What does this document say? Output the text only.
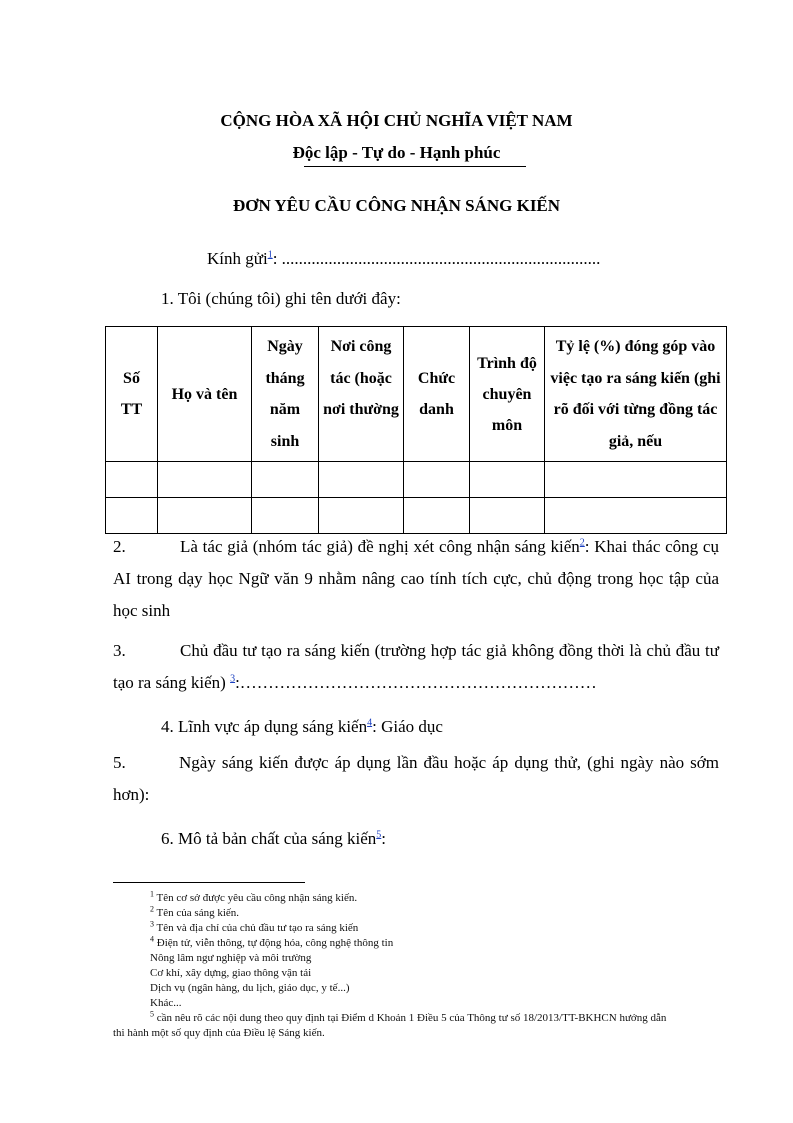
CỘNG HÒA XÃ HỘI CHỦ NGHĨA VIỆT NAM
Độc lập - Tự do - Hạnh phúc
ĐƠN YÊU CẦU CÔNG NHẬN SÁNG KIẾN
Kính gửi$^1$: ...........................................................................
1. Tôi (chúng tôi) ghi tên dưới đây:
Số TT	Họ và tên	Ngày tháng năm sinh	Nơi công tác (hoặc nơi thường	Chức danh	Trình độ chuyên môn	Tỷ lệ (%) đóng góp vào việc tạo ra sáng kiến (ghi rõ đối với từng đồng tác giả, nếu

2.	Là tác giả (nhóm tác giả) đề nghị xét công nhận sáng kiến$^2$: Khai thác công cụ AI trong dạy học Ngữ văn 9 nhằm nâng cao tính tích cực, chủ động trong học tập của học sinh
3.	Chủ đầu tư tạo ra sáng kiến (trường hợp tác giả không đồng thời là chủ đầu tư tạo ra sáng kiến) $^3$:………………………………………………………
4. Lĩnh vực áp dụng sáng kiến$^4$: Giáo dục
5.	Ngày sáng kiến được áp dụng lần đầu hoặc áp dụng thử, (ghi ngày nào sớm hơn):
6. Mô tả bản chất của sáng kiến$^5$:
$^1$ Tên cơ sở được yêu cầu công nhận sáng kiến.
$^2$ Tên của sáng kiến.
$^3$ Tên và địa chỉ của chủ đầu tư tạo ra sáng kiến
$^4$ Điện tử, viễn thông, tự động hóa, công nghệ thông tin
Nông lâm ngư nghiệp và môi trường
Cơ khí, xây dựng, giao thông vận tải
Dịch vụ (ngân hàng, du lịch, giáo dục, y tế...)
Khác...
$^5$ cần nêu rõ các nội dung theo quy định tại Điểm d Khoản 1 Điều 5 của Thông tư số 18/2013/TT-BKHCN hướng dẫn thi hành một số quy định của Điều lệ Sáng kiến.
